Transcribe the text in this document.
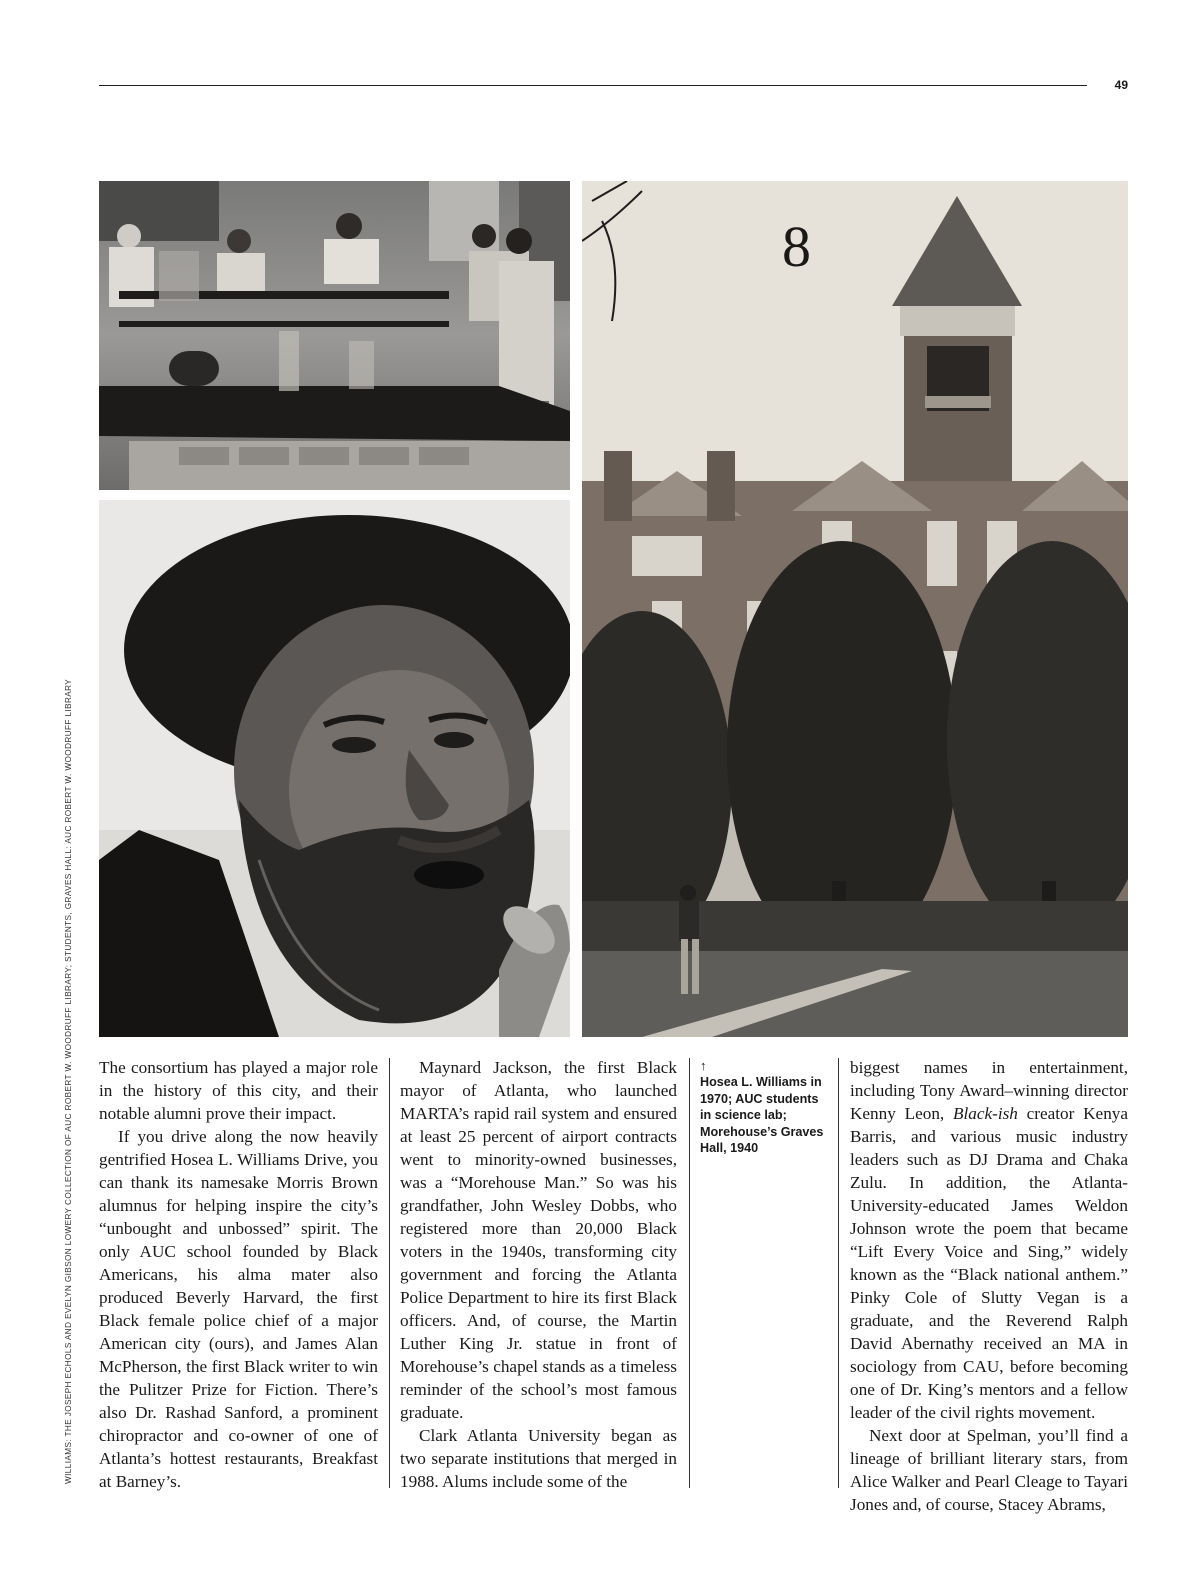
49
WILLIAMS: THE JOSEPH ECHOLS AND EVELYN GIBSON LOWERY COLLECTION OF AUC ROBERT W. WOODRUFF LIBRARY; STUDENTS, GRAVES HALL: AUC ROBERT W. WOODRUFF LIBRARY
8

The consortium has played a major role in the history of this city, and their notable alumni prove their impact.

If you drive along the now heavily gentrified Hosea L. Williams Drive, you can thank its namesake Morris Brown alumnus for helping inspire the city’s “unbought and unbossed” spirit. The only AUC school founded by Black Americans, his alma mater also produced Beverly Harvard, the first Black female police chief of a major American city (ours), and James Alan McPherson, the first Black writer to win the Pulitzer Prize for Fiction. There’s also Dr. Rashad Sanford, a prominent chiropractor and co-owner of one of Atlanta’s hottest restaurants, Breakfast at Barney’s.

Maynard Jackson, the first Black mayor of Atlanta, who launched MARTA’s rapid rail system and ensured at least 25 percent of airport contracts went to minority-owned businesses, was a “Morehouse Man.” So was his grandfather, John Wesley Dobbs, who registered more than 20,000 Black voters in the 1940s, transforming city government and forcing the Atlanta Police Department to hire its first Black officers. And, of course, the Martin Luther King Jr. statue in front of Morehouse’s chapel stands as a timeless reminder of the school’s most famous graduate.

Clark Atlanta University began as two separate institutions that merged in 1988. Alums include some of the

↑
Hosea L. Williams in 1970; AUC students in science lab; Morehouse’s Graves Hall, 1940

biggest names in entertainment, including Tony Award–winning director Kenny Leon, Black-ish creator Kenya Barris, and various music industry leaders such as DJ Drama and Chaka Zulu. In addition, the Atlanta-University-educated James Weldon Johnson wrote the poem that became “Lift Every Voice and Sing,” widely known as the “Black national anthem.” Pinky Cole of Slutty Vegan is a graduate, and the Reverend Ralph David Abernathy received an MA in sociology from CAU, before becoming one of Dr. King’s mentors and a fellow leader of the civil rights movement.

Next door at Spelman, you’ll find a lineage of brilliant literary stars, from Alice Walker and Pearl Cleage to Tayari Jones and, of course, Stacey Abrams,
